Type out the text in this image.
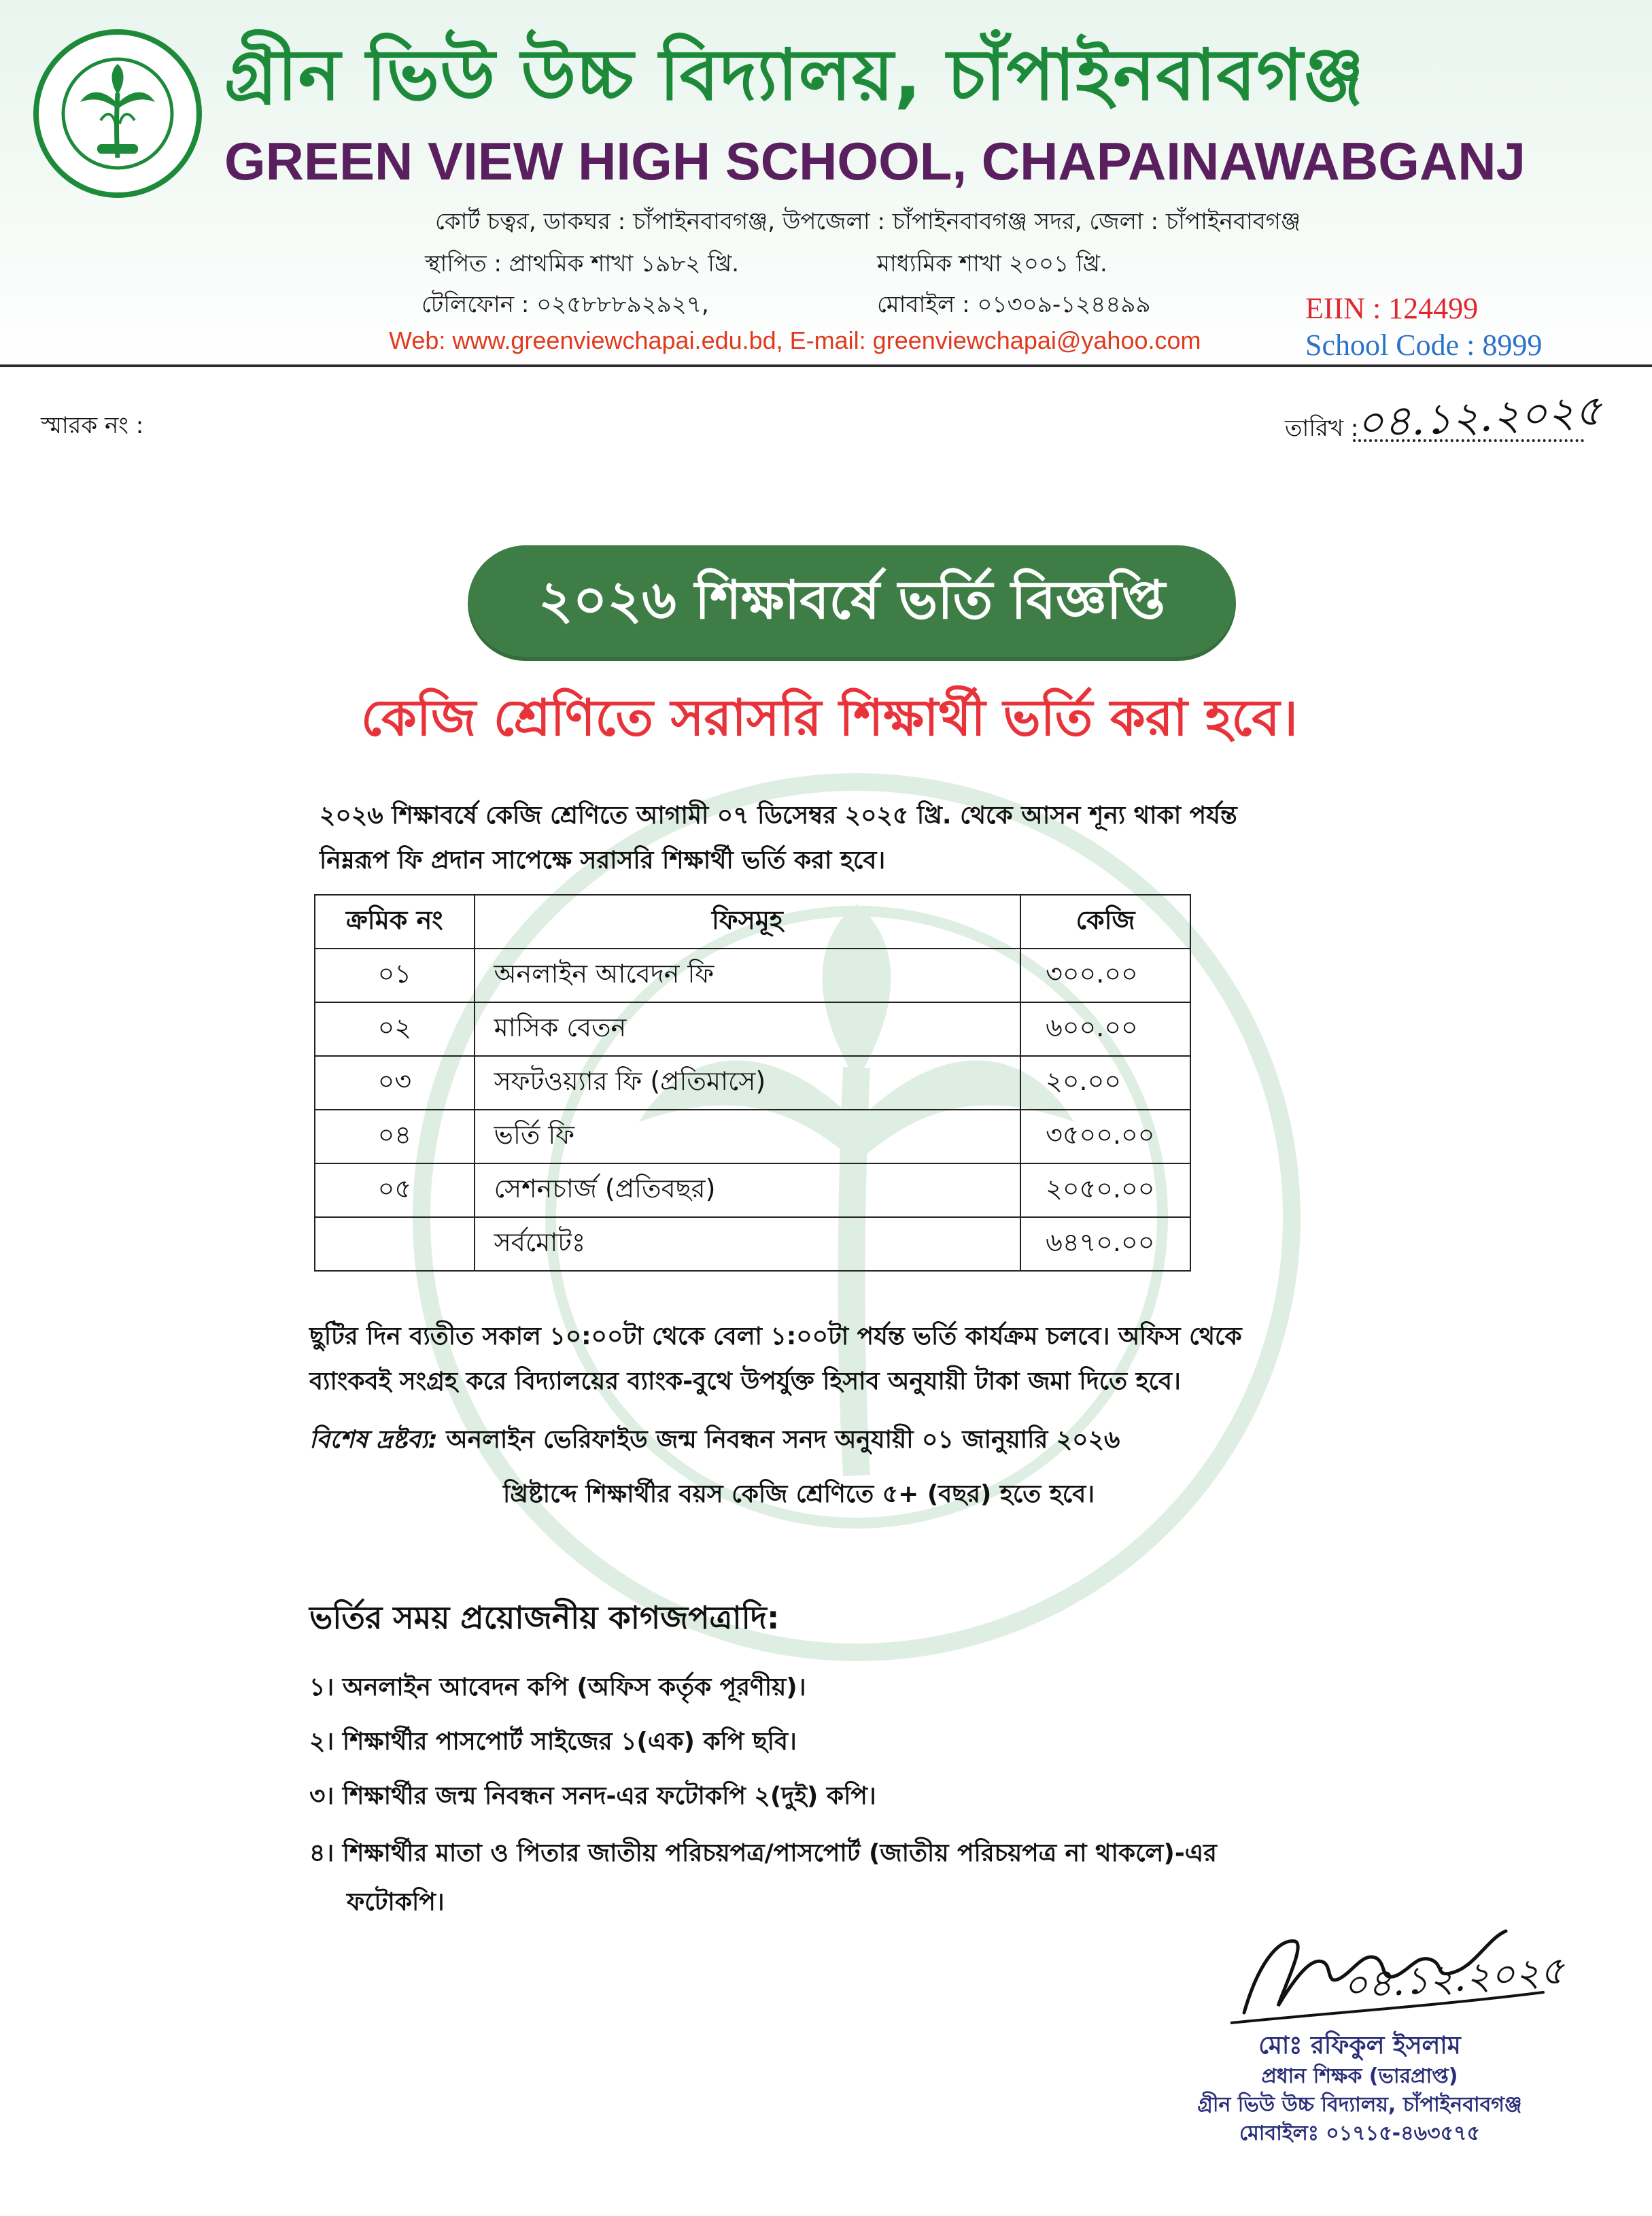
গ্রীন ভিউ উচ্চ বিদ্যালয়, চাঁপাইনবাবগঞ্জ
GREEN VIEW HIGH SCHOOL, CHAPAINAWABGANJ
কোর্ট চত্বর, ডাকঘর : চাঁপাইনবাবগঞ্জ, উপজেলা : চাঁপাইনবাবগঞ্জ সদর, জেলা : চাঁপাইনবাবগঞ্জ
স্থাপিত : প্রাথমিক শাখা ১৯৮২ খ্রি.	মাধ্যমিক শাখা ২০০১ খ্রি.
টেলিফোন : ০২৫৮৮৮৯২৯২৭,	মোবাইল : ০১৩০৯-১২৪৪৯৯
Web: www.greenviewchapai.edu.bd, E-mail: greenviewchapai@yahoo.com
EIIN : 124499
School Code : 8999
স্মারক নং :	তারিখ :
০৪.১২.২০২৫
২০২৬ শিক্ষাবর্ষে ভর্তি বিজ্ঞপ্তি
কেজি শ্রেণিতে সরাসরি শিক্ষার্থী ভর্তি করা হবে।
২০২৬ শিক্ষাবর্ষে কেজি শ্রেণিতে আগামী ০৭ ডিসেম্বর ২০২৫ খ্রি. থেকে আসন শূন্য থাকা পর্যন্ত
নিম্নরূপ ফি প্রদান সাপেক্ষে সরাসরি শিক্ষার্থী ভর্তি করা হবে।
ক্রমিক নং	ফিসমূহ	কেজি
০১	অনলাইন আবেদন ফি	৩০০.০০
০২	মাসিক বেতন	৬০০.০০
০৩	সফটওয়্যার ফি (প্রতিমাসে)	২০.০০
০৪	ভর্তি ফি	৩৫০০.০০
০৫	সেশনচার্জ (প্রতিবছর)	২০৫০.০০
	সর্বমোটঃ	৬৪৭০.০০
ছুটির দিন ব্যতীত সকাল ১০:০০টা থেকে বেলা ১:০০টা পর্যন্ত ভর্তি কার্যক্রম চলবে। অফিস থেকে
ব্যাংকবই সংগ্রহ করে বিদ্যালয়ের ব্যাংক-বুথে উপর্যুক্ত হিসাব অনুযায়ী টাকা জমা দিতে হবে।
বিশেষ দ্রষ্টব্য: অনলাইন ভেরিফাইড জন্ম নিবন্ধন সনদ অনুযায়ী ০১ জানুয়ারি ২০২৬
খ্রিষ্টাব্দে শিক্ষার্থীর বয়স কেজি শ্রেণিতে ৫+ (বছর) হতে হবে।
ভর্তির সময় প্রয়োজনীয় কাগজপত্রাদি:
১। অনলাইন আবেদন কপি (অফিস কর্তৃক পূরণীয়)।
২। শিক্ষার্থীর পাসপোর্ট সাইজের ১(এক) কপি ছবি।
৩। শিক্ষার্থীর জন্ম নিবন্ধন সনদ-এর ফটোকপি ২(দুই) কপি।
৪। শিক্ষার্থীর মাতা ও পিতার জাতীয় পরিচয়পত্র/পাসপোর্ট (জাতীয় পরিচয়পত্র না থাকলে)-এর
ফটোকপি।
০৪.১২.২০২৫
মোঃ রফিকুল ইসলাম
প্রধান শিক্ষক (ভারপ্রাপ্ত)
গ্রীন ভিউ উচ্চ বিদ্যালয়, চাঁপাইনবাবগঞ্জ
মোবাইলঃ ০১৭১৫-৪৬৩৫৭৫
